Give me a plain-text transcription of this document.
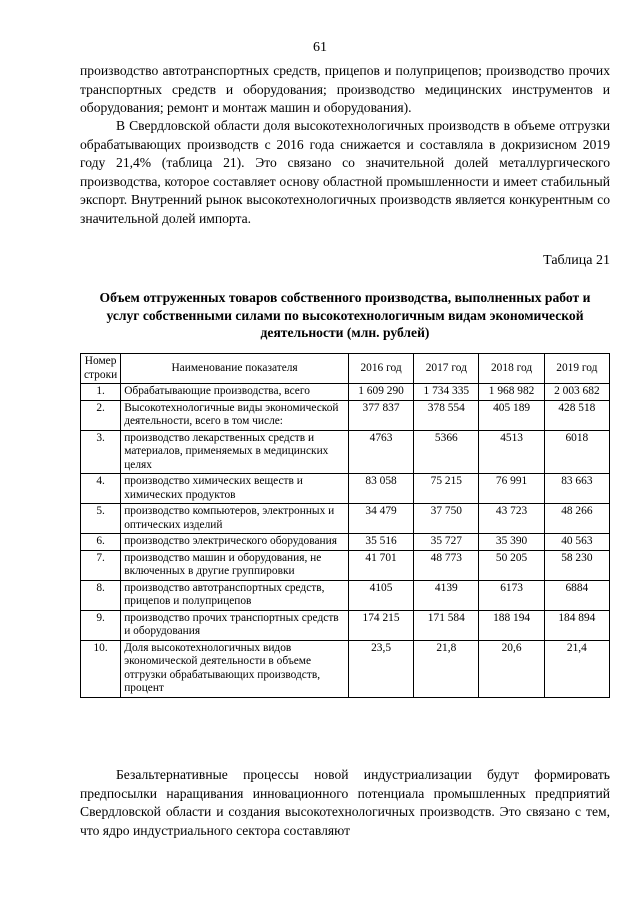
61

производство автотранспортных средств, прицепов и полуприцепов; производство прочих транспортных средств и оборудования; производство медицинских инструментов и оборудования; ремонт и монтаж машин и оборудования).

В Свердловской области доля высокотехнологичных производств в объеме отгрузки обрабатывающих производств с 2016 года снижается и составляла в докризисном 2019 году 21,4% (таблица 21). Это связано со значительной долей металлургического производства, которое составляет основу областной промышленности и имеет стабильный экспорт. Внутренний рынок высокотехнологичных производств является конкурентным со значительной долей импорта.

Таблица 21
Объем отгруженных товаров собственного производства, выполненных работ и услуг собственными силами по высокотехнологичным видам экономической деятельности (млн. рублей)
Номер строки	Наименование показателя	2016 год	2017 год	2018 год	2019 год
1.	Обрабатывающие производства, всего	1 609 290	1 734 335	1 968 982	2 003 682
2.	Высокотехнологичные виды экономической деятельности, всего в том числе:	377 837	378 554	405 189	428 518
3.	производство лекарственных средств и материалов, применяемых в медицинских целях	4763	5366	4513	6018
4.	производство химических веществ и химических продуктов	83 058	75 215	76 991	83 663
5.	производство компьютеров, электронных и оптических изделий	34 479	37 750	43 723	48 266
6.	производство электрического оборудования	35 516	35 727	35 390	40 563
7.	производство машин и оборудования, не включенных в другие группировки	41 701	48 773	50 205	58 230
8.	производство автотранспортных средств, прицепов и полуприцепов	4105	4139	6173	6884
9.	производство прочих транспортных средств и оборудования	174 215	171 584	188 194	184 894
10.	Доля высокотехнологичных видов экономической деятельности в объеме отгрузки обрабатывающих производств, процент	23,5	21,8	20,6	21,4

Безальтернативные процессы новой индустриализации будут формировать предпосылки наращивания инновационного потенциала промышленных предприятий Свердловской области и создания высокотехнологичных производств. Это связано с тем, что ядро индустриального сектора составляют
